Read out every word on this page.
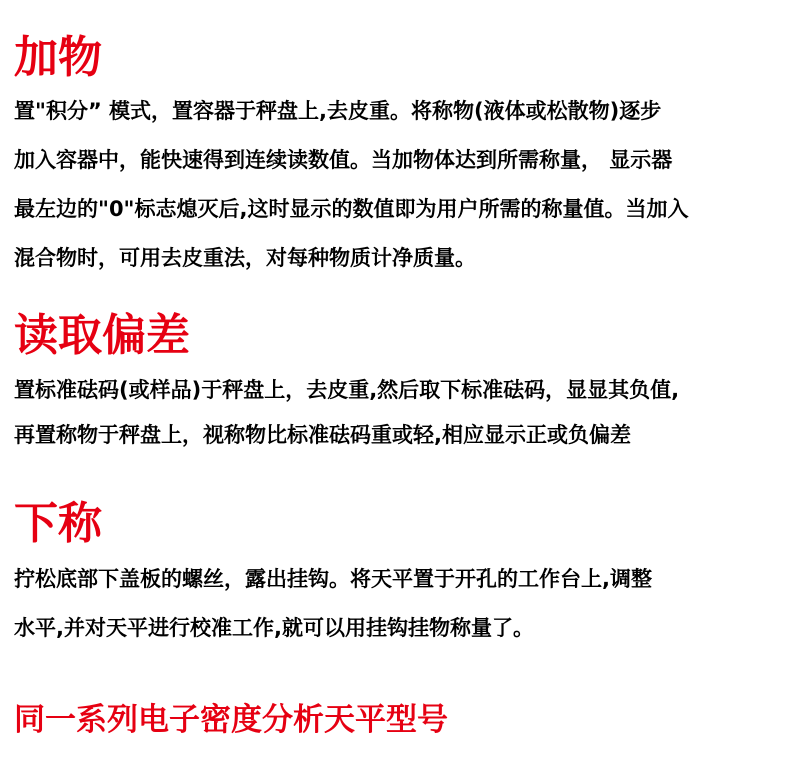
加物
置"积分” 模式，置容器于秤盘上,去皮重。将称物(液体或松散物)逐步
加入容器中，能快速得到连续读数值。当加物体达到所需称量， 显示器
最左边的"0"标志熄灭后,这时显示的数值即为用户所需的称量值。当加入
混合物时，可用去皮重法，对每种物质计净质量。
读取偏差
置标准砝码(或样品)于秤盘上，去皮重,然后取下标准砝码，显显其负值,
再置称物于秤盘上，视称物比标准砝码重或轻,相应显示正或负偏差
下称
拧松底部下盖板的螺丝，露出挂钩。将天平置于开孔的工作台上,调整
水平,并对天平进行校准工作,就可以用挂钩挂物称量了。
同一系列电子密度分析天平型号
